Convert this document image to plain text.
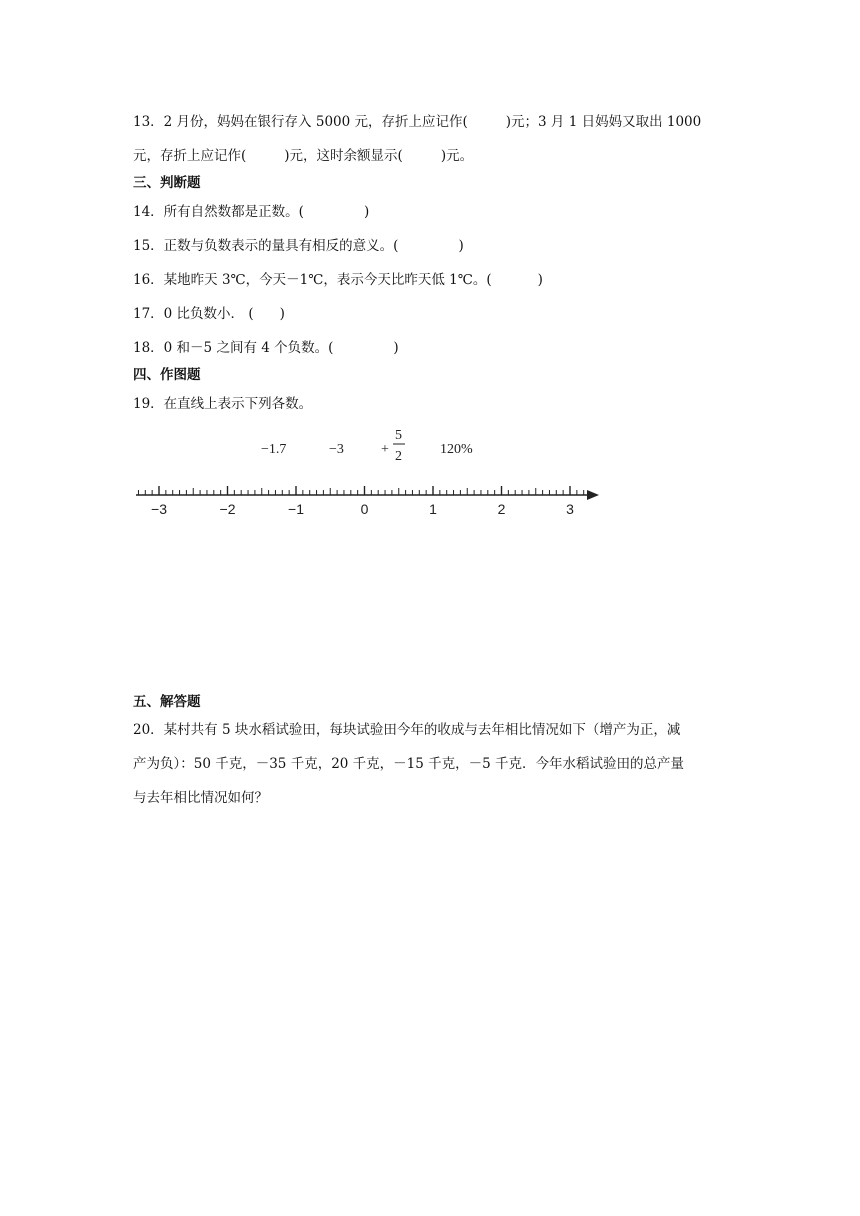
13．2 月份，妈妈在银行存入 5000 元，存折上应记作(	)元；3 月 1 日妈妈又取出 1000
元，存折上应记作(	)元，这时余额显示(	)元。
三、判断题
14．所有自然数都是正数。(	)
15．正数与负数表示的量具有相反的意义。(	)
16．某地昨天 3℃，今天－1℃，表示今天比昨天低 1℃。(	)
17．0 比负数小． ( )
18．0 和－5 之间有 4 个负数。(	)
四、作图题
19．在直线上表示下列各数。
−1.7	−3	+
5
2	120%
−3	−2	−1	0	1	2	3
五、解答题
20．某村共有 5 块水稻试验田，每块试验田今年的收成与去年相比情况如下（增产为正，减
产为负）：50 千克，－35 千克，20 千克，－15 千克，－5 千克．今年水稻试验田的总产量
与去年相比情况如何？
